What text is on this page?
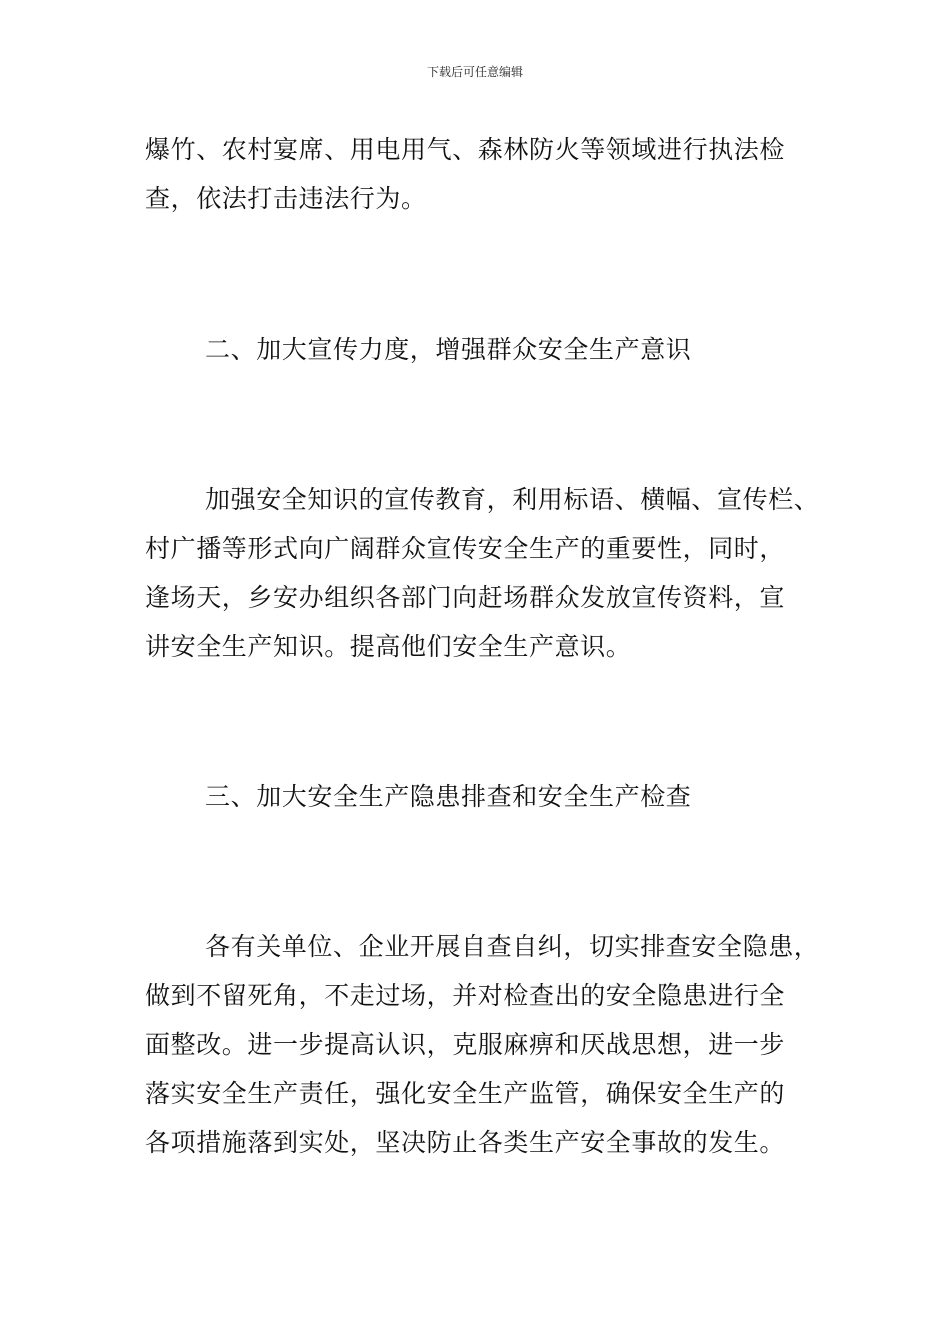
下载后可任意编辑
爆竹、农村宴席、用电用气、森林防火等领域进行执法检
查，依法打击违法行为。
二、加大宣传力度，增强群众安全生产意识
加强安全知识的宣传教育，利用标语、横幅、宣传栏、
村广播等形式向广阔群众宣传安全生产的重要性，同时，
逢场天，乡安办组织各部门向赶场群众发放宣传资料，宣
讲安全生产知识。提高他们安全生产意识。
三、加大安全生产隐患排查和安全生产检查
各有关单位、企业开展自查自纠，切实排查安全隐患，
做到不留死角，不走过场，并对检查出的安全隐患进行全
面整改。进一步提高认识，克服麻痹和厌战思想，进一步
落实安全生产责任，强化安全生产监管，确保安全生产的
各项措施落到实处，坚决防止各类生产安全事故的发生。
